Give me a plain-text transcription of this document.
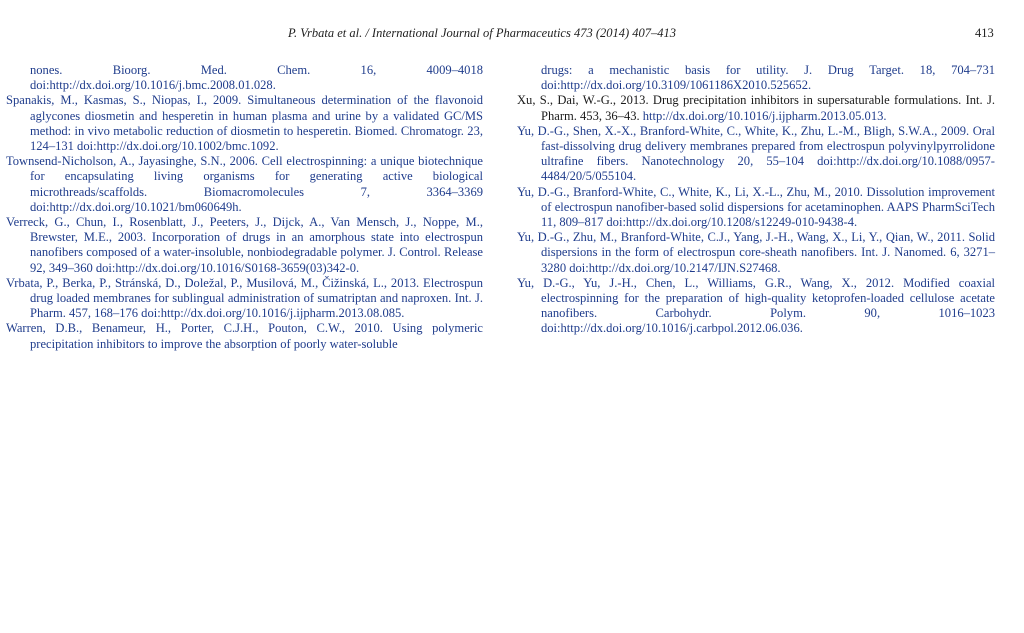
P. Vrbata et al. / International Journal of Pharmaceutics 473 (2014) 407–413	413

nones. Bioorg. Med. Chem. 16, 4009–4018 doi:http://dx.doi.org/10.1016/j.bmc.2008.01.028.

Spanakis, M., Kasmas, S., Niopas, I., 2009. Simultaneous determination of the flavonoid aglycones diosmetin and hesperetin in human plasma and urine by a validated GC/MS method: in vivo metabolic reduction of diosmetin to hesperetin. Biomed. Chromatogr. 23, 124–131 doi:http://dx.doi.org/10.1002/bmc.1092.

Townsend-Nicholson, A., Jayasinghe, S.N., 2006. Cell electrospinning: a unique biotechnique for encapsulating living organisms for generating active biological microthreads/scaffolds. Biomacromolecules 7, 3364–3369 doi:http://dx.doi.org/10.1021/bm060649h.

Verreck, G., Chun, I., Rosenblatt, J., Peeters, J., Dijck, A., Van Mensch, J., Noppe, M., Brewster, M.E., 2003. Incorporation of drugs in an amorphous state into electrospun nanofibers composed of a water-insoluble, nonbiodegradable polymer. J. Control. Release 92, 349–360 doi:http://dx.doi.org/10.1016/S0168-3659(03)342-0.

Vrbata, P., Berka, P., Stránská, D., Doležal, P., Musilová, M., Čižinská, L., 2013. Electrospun drug loaded membranes for sublingual administration of sumatriptan and naproxen. Int. J. Pharm. 457, 168–176 doi:http://dx.doi.org/10.1016/j.ijpharm.2013.08.085.

Warren, D.B., Benameur, H., Porter, C.J.H., Pouton, C.W., 2010. Using polymeric precipitation inhibitors to improve the absorption of poorly water-soluble

drugs: a mechanistic basis for utility. J. Drug Target. 18, 704–731 doi:http://dx.doi.org/10.3109/1061186X2010.525652.

Xu, S., Dai, W.-G., 2013. Drug precipitation inhibitors in supersaturable formulations. Int. J. Pharm. 453, 36–43. http://dx.doi.org/10.1016/j.ijpharm.2013.05.013.

Yu, D.-G., Shen, X.-X., Branford-White, C., White, K., Zhu, L.-M., Bligh, S.W.A., 2009. Oral fast-dissolving drug delivery membranes prepared from electrospun polyvinylpyrrolidone ultrafine fibers. Nanotechnology 20, 55–104 doi:http://dx.doi.org/10.1088/0957-4484/20/5/055104.

Yu, D.-G., Branford-White, C., White, K., Li, X.-L., Zhu, M., 2010. Dissolution improvement of electrospun nanofiber-based solid dispersions for acetaminophen. AAPS PharmSciTech 11, 809–817 doi:http://dx.doi.org/10.1208/s12249-010-9438-4.

Yu, D.-G., Zhu, M., Branford-White, C.J., Yang, J.-H., Wang, X., Li, Y., Qian, W., 2011. Solid dispersions in the form of electrospun core-sheath nanofibers. Int. J. Nanomed. 6, 3271–3280 doi:http://dx.doi.org/10.2147/IJN.S27468.

Yu, D.-G., Yu, J.-H., Chen, L., Williams, G.R., Wang, X., 2012. Modified coaxial electrospinning for the preparation of high-quality ketoprofen-loaded cellulose acetate nanofibers. Carbohydr. Polym. 90, 1016–1023 doi:http://dx.doi.org/10.1016/j.carbpol.2012.06.036.
